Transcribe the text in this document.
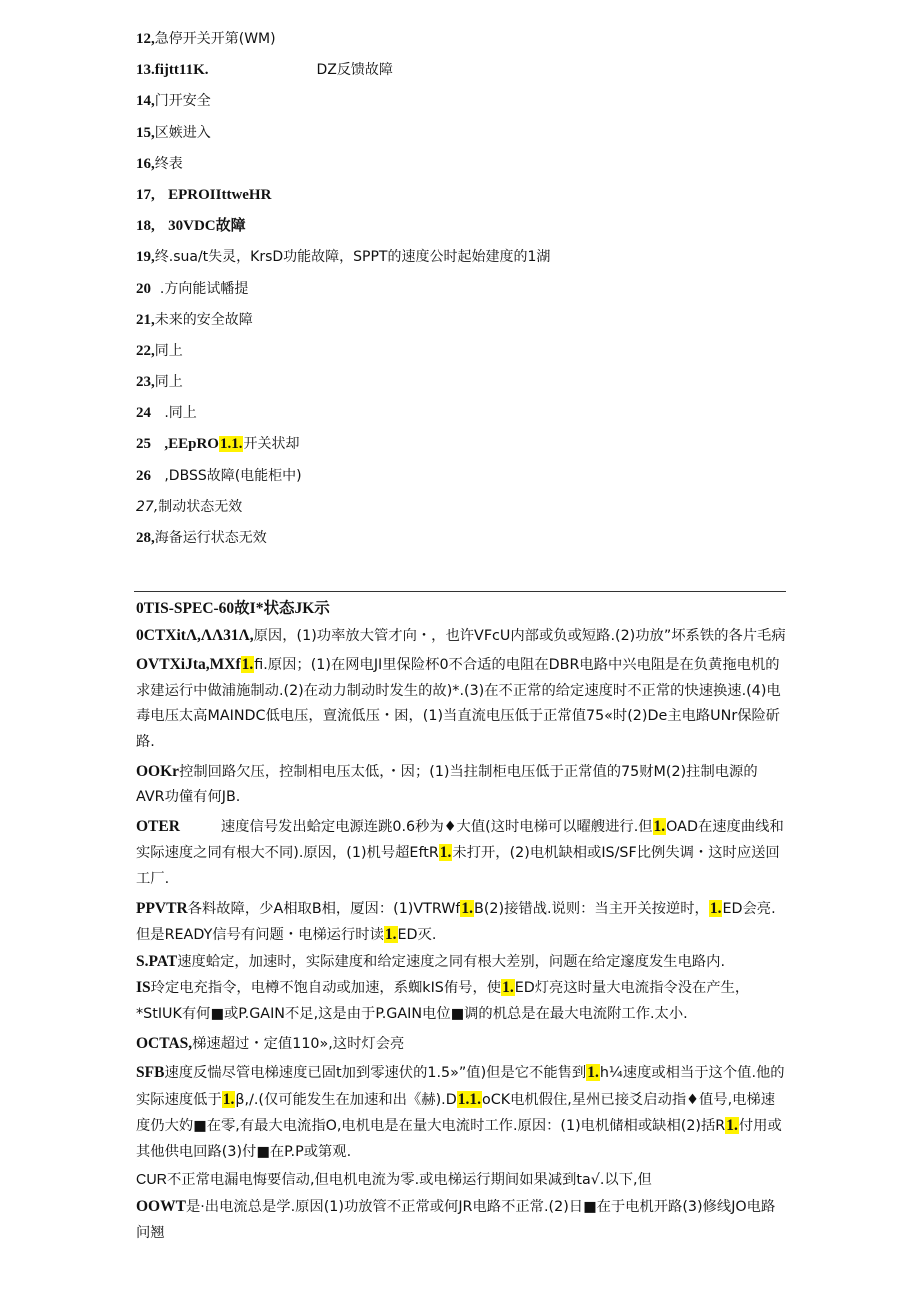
12,急停开关开第(WM)
13.fijtt11K.	DZ反馈故障
14,门开安全
15,区嫉进入
16,终表
17, EPROIIttweHR
18, 30VDC故障
19,终.sua/t失灵，KrsD功能故障，SPPT的速度公时起始建度的1湖
20 .方向能试幡提
21,未来的安全故障
22,同上
23,同上
24 .同上
25 ,EEpRO1.1.开关状却
26 ,DBSS故障(电能柜中)
27,制动状态无效
28,海备运行状态无效

0TIS-SPEC-60故I*状态JK示

0CTXitΛ,ΛΛ31Λ,原因，(1)功率放大管才向・，也许VFcU内部或负或短路.(2)功放”坏系铁的各片毛病

OVTXiJta,MXf1.fi.原因；(1)在网电JI里保险杯0不合适的电阻在DBR电路中兴电阻是在负黄拖电机的求建运行中做浦施制动.(2)在动力制动时发生的故)*.(3)在不正常的给定速度时不正常的快速换速.(4)电毒电压太高MAINDC低电压，亶流低压・困，(1)当直流电压低于正常值75«时(2)De主电路UNr保险斫路.

OOKr控制回路欠压，控制相电压太低，・因；(1)当拄制柜电压低于正常值的75财M(2)拄制电源的AVR功僮有何JB.

OTER	速度信号发出蛤定电源连跳0.6秒为♦大值(这时电梯可以曜艘进行.但1.OAD在速度曲线和实际速度之同有根大不同).原因，(1)机号超EftR1.未打开，(2)电机缺相或IS/SF比例失调・这时应送回工厂.

PPVTR各料故障，少A相取B相，厦因：(1)VTRWf1.B(2)接错战.说则：当主开关按逆时，1.ED会亮.但是READY信号有问题・电梯运行时读1.ED灭.

S.PAT速度蛤定，加速时，实际建度和给定速度之同有根大差别，问题在给定邃度发生电路内.

IS玲定电充指令，电樽不饱自动或加速，系蜘kIS侑号，使1.ED灯亮这时量大电流指令没在产生，*StIUK有何■或P.GAIN不足,这是由于P.GAIN电位■调的机总是在最大电流附工作.太小.

OCTAS,梯速超过・定值110»,这时灯会亮

SFB速度反惴尽管电梯速度已固t加到零速伏的1.5»”值)但是它不能售到1.h¼速度或相当于这个值.他的实际速度低于1.β,∕.(仅可能发生在加速和出《赫).D1.1.oCK电机假住,星州已接爻启动指♦值号,电梯速度仍大妁■在零,有最大电流指O,电机电是在量大电流时工作.原因：(1)电机储相或缺相(2)括R1.付用或其他供电回路(3)付■在P.P或第观.

CUR不正常电漏电悔要信动,但电机电流为零.或电梯运行期间如果减到ta√.以下,但

OOWT是·出电流总是学.原因(1)功放管不正常或何JR电路不正常.(2)日■在于电机开路(3)修线JO电路问翘
